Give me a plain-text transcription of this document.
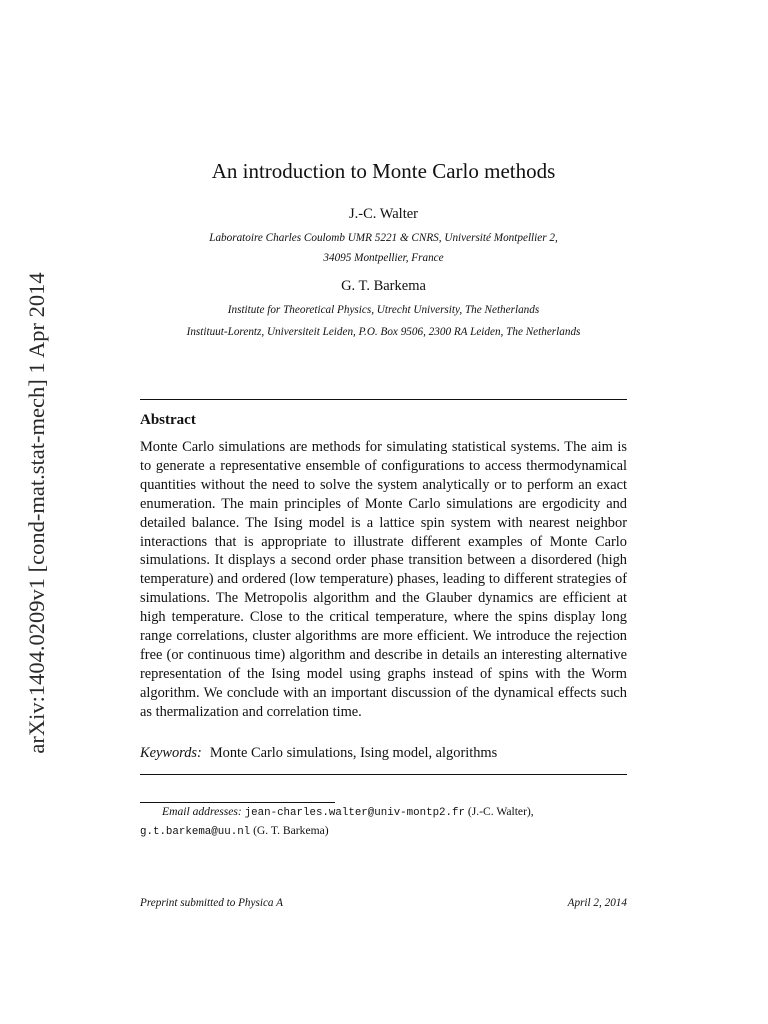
arXiv:1404.0209v1 [cond-mat.stat-mech] 1 Apr 2014
An introduction to Monte Carlo methods
J.-C. Walter
Laboratoire Charles Coulomb UMR 5221 & CNRS, Université Montpellier 2,
34095 Montpellier, France
G. T. Barkema
Institute for Theoretical Physics, Utrecht University, The Netherlands
Instituut-Lorentz, Universiteit Leiden, P.O. Box 9506, 2300 RA Leiden, The Netherlands
Abstract
Monte Carlo simulations are methods for simulating statistical systems. The aim is to generate a representative ensemble of configurations to access thermodynamical quantities without the need to solve the system analytically or to perform an exact enumeration. The main principles of Monte Carlo simulations are ergodicity and detailed balance. The Ising model is a lattice spin system with nearest neighbor interactions that is appropriate to illustrate different examples of Monte Carlo simulations. It displays a second order phase transition between a disordered (high temperature) and ordered (low temperature) phases, leading to different strategies of simulations. The Metropolis algorithm and the Glauber dynamics are efficient at high temperature. Close to the critical temperature, where the spins display long range correlations, cluster algorithms are more efficient. We introduce the rejection free (or continuous time) algorithm and describe in details an interesting alternative representation of the Ising model using graphs instead of spins with the Worm algorithm. We conclude with an important discussion of the dynamical effects such as thermalization and correlation time.
Keywords: Monte Carlo simulations, Ising model, algorithms
Email addresses: jean-charles.walter@univ-montp2.fr (J.-C. Walter),
g.t.barkema@uu.nl (G. T. Barkema)
Preprint submitted to Physica A	April 2, 2014
